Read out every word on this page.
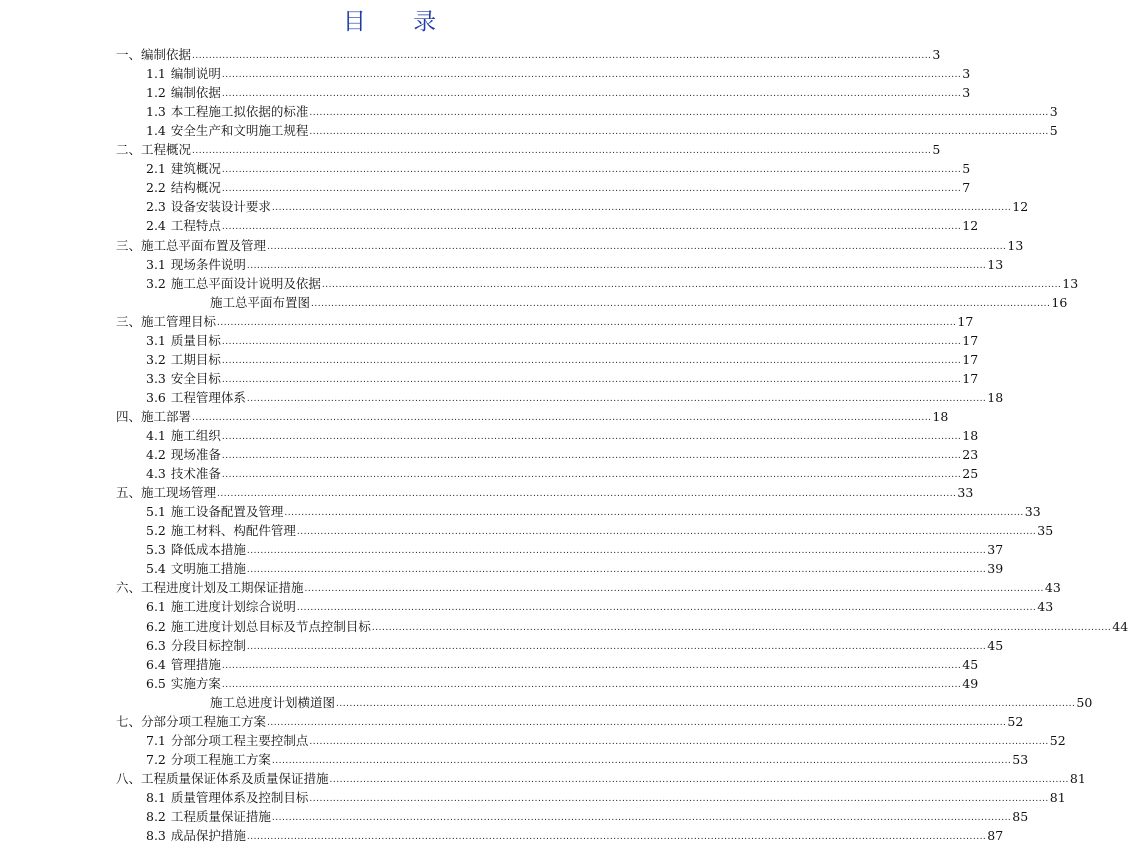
目 录
一、编制依据 ............................................................................................................................................................................................................................ 3
1.1 编制说明 ............................................................................................................................................................................................................................ 3
1.2 编制依据 ............................................................................................................................................................................................................................ 3
1.3 本工程施工拟依据的标准 ............................................................................................................................................................................................................................ 3
1.4 安全生产和文明施工规程 ............................................................................................................................................................................................................................ 5
二、工程概况 ............................................................................................................................................................................................................................ 5
2.1 建筑概况 ............................................................................................................................................................................................................................ 5
2.2 结构概况 ............................................................................................................................................................................................................................ 7
2.3 设备安装设计要求 ............................................................................................................................................................................................................................ 12
2.4 工程特点 ............................................................................................................................................................................................................................ 12
三、施工总平面布置及管理 ............................................................................................................................................................................................................................ 13
3.1 现场条件说明 ............................................................................................................................................................................................................................ 13
3.2 施工总平面设计说明及依据 ............................................................................................................................................................................................................................ 13
施工总平面布置图 ............................................................................................................................................................................................................................ 16
三、施工管理目标 ............................................................................................................................................................................................................................ 17
3.1 质量目标 ............................................................................................................................................................................................................................ 17
3.2 工期目标 ............................................................................................................................................................................................................................ 17
3.3 安全目标 ............................................................................................................................................................................................................................ 17
3.6 工程管理体系 ............................................................................................................................................................................................................................ 18
四、施工部署 ............................................................................................................................................................................................................................ 18
4.1 施工组织 ............................................................................................................................................................................................................................ 18
4.2 现场准备 ............................................................................................................................................................................................................................ 23
4.3 技术准备 ............................................................................................................................................................................................................................ 25
五、施工现场管理 ............................................................................................................................................................................................................................ 33
5.1 施工设备配置及管理 ............................................................................................................................................................................................................................ 33
5.2 施工材料、构配件管理 ............................................................................................................................................................................................................................ 35
5.3 降低成本措施 ............................................................................................................................................................................................................................ 37
5.4 文明施工措施 ............................................................................................................................................................................................................................ 39
六、工程进度计划及工期保证措施 ............................................................................................................................................................................................................................ 43
6.1 施工进度计划综合说明 ............................................................................................................................................................................................................................ 43
6.2 施工进度计划总目标及节点控制目标 ............................................................................................................................................................................................................................ 44
6.3 分段目标控制 ............................................................................................................................................................................................................................ 45
6.4 管理措施 ............................................................................................................................................................................................................................ 45
6.5 实施方案 ............................................................................................................................................................................................................................ 49
施工总进度计划横道图 ............................................................................................................................................................................................................................ 50
七、分部分项工程施工方案 ............................................................................................................................................................................................................................ 52
7.1 分部分项工程主要控制点 ............................................................................................................................................................................................................................ 52
7.2 分项工程施工方案 ............................................................................................................................................................................................................................ 53
八、工程质量保证体系及质量保证措施 ............................................................................................................................................................................................................................ 81
8.1 质量管理体系及控制目标 ............................................................................................................................................................................................................................ 81
8.2 工程质量保证措施 ............................................................................................................................................................................................................................ 85
8.3 成品保护措施 ............................................................................................................................................................................................................................ 87
